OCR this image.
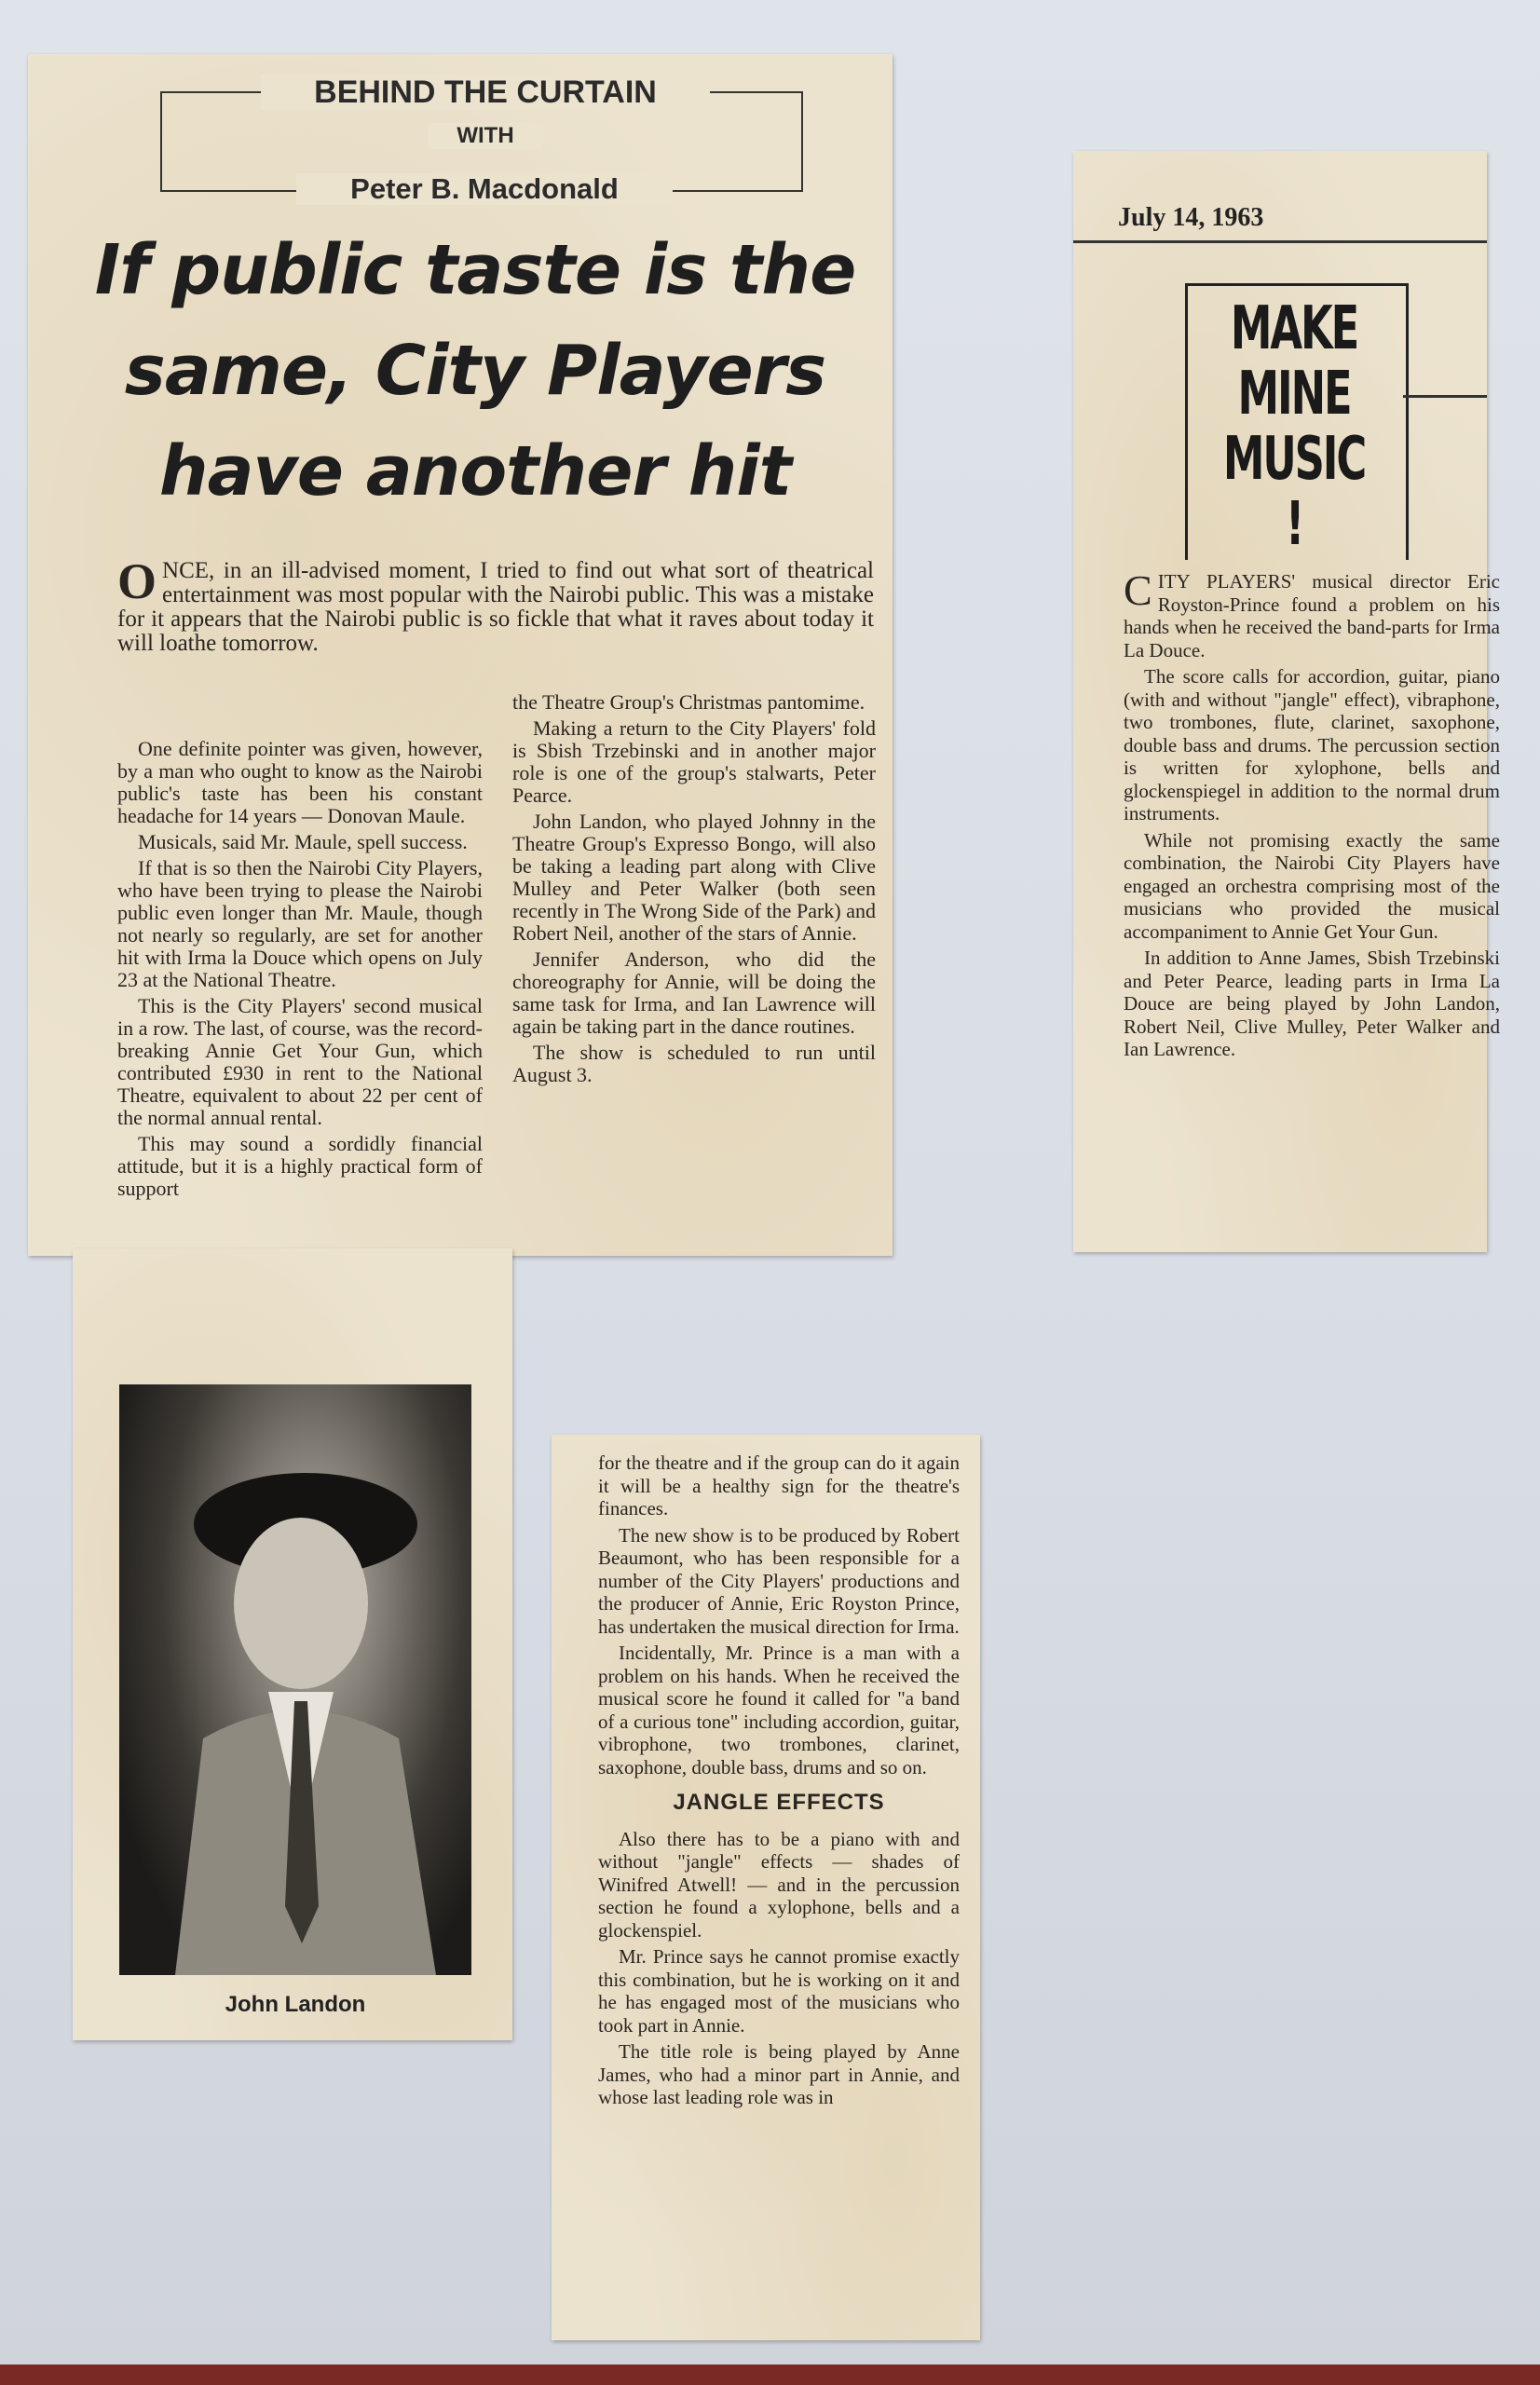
BEHIND THE CURTAIN
WITH
Peter B. Macdonald
If public taste is the
same, City Players
have another hit
ONCE, in an ill-advised moment, I tried to find out what sort of theatrical entertainment was most popular with the Nairobi public. This was a mistake for it appears that the Nairobi public is so fickle that what it raves about today it will loathe tomorrow.

One definite pointer was given, however, by a man who ought to know as the Nairobi public's taste has been his constant headache for 14 years — Donovan Maule.

Musicals, said Mr. Maule, spell success.

If that is so then the Nairobi City Players, who have been trying to please the Nairobi public even longer than Mr. Maule, though not nearly so regularly, are set for another hit with Irma la Douce which opens on July 23 at the National Theatre.

This is the City Players' second musical in a row. The last, of course, was the record-breaking Annie Get Your Gun, which contributed £930 in rent to the National Theatre, equivalent to about 22 per cent of the normal annual rental.

This may sound a sordidly financial attitude, but it is a highly practical form of support

the Theatre Group's Christmas pantomime.

Making a return to the City Players' fold is Sbish Trzebinski and in another major role is one of the group's stalwarts, Peter Pearce.

John Landon, who played Johnny in the Theatre Group's Expresso Bongo, will also be taking a leading part along with Clive Mulley and Peter Walker (both seen recently in The Wrong Side of the Park) and Robert Neil, another of the stars of Annie.

Jennifer Anderson, who did the choreography for Annie, will be doing the same task for Irma, and Ian Lawrence will again be taking part in the dance routines.

The show is scheduled to run until August 3.

John Landon

for the theatre and if the group can do it again it will be a healthy sign for the theatre's finances.

The new show is to be produced by Robert Beaumont, who has been responsible for a number of the City Players' productions and the producer of Annie, Eric Royston Prince, has undertaken the musical direction for Irma.

Incidentally, Mr. Prince is a man with a problem on his hands. When he received the musical score he found it called for "a band of a curious tone" including accordion, guitar, vibrophone, two trombones, clarinet, saxophone, double bass, drums and so on.

JANGLE EFFECTS

Also there has to be a piano with and without "jangle" effects — shades of Winifred Atwell! — and in the percussion section he found a xylophone, bells and a glockenspiel.

Mr. Prince says he cannot promise exactly this combination, but he is working on it and he has engaged most of the musicians who took part in Annie.

The title role is being played by Anne James, who had a minor part in Annie, and whose last leading role was in

July 14, 1963
MAKE
MINE
MUSIC !

CITY PLAYERS' musical director Eric Royston-Prince found a problem on his hands when he received the band-parts for Irma La Douce.

The score calls for accordion, guitar, piano (with and without "jangle" effect), vibraphone, two trombones, flute, clarinet, saxophone, double bass and drums. The percussion section is written for xylophone, bells and glockenspiegel in addition to the normal drum instruments.

While not promising exactly the same combination, the Nairobi City Players have engaged an orchestra comprising most of the musicians who provided the musical accompaniment to Annie Get Your Gun.

In addition to Anne James, Sbish Trzebinski and Peter Pearce, leading parts in Irma La Douce are being played by John Landon, Robert Neil, Clive Mulley, Peter Walker and Ian Lawrence.
